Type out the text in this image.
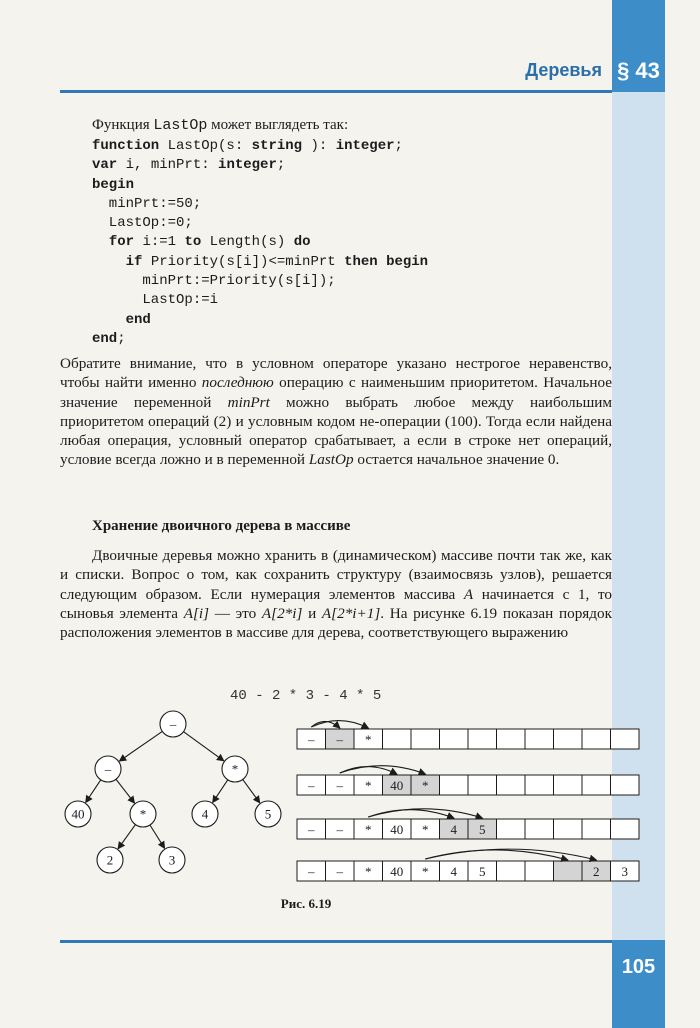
Деревья § 43
Функция LastOp может выглядеть так:
function LastOp(s: string ): integer;
var i, minPrt: integer;
begin
minPrt:=50;
LastOp:=0;
for i:=1 to Length(s) do
if Priority(s[i])<=minPrt then begin
minPrt:=Priority(s[i]);
LastOp:=i
end
end;

Обратите внимание, что в условном операторе указано нестрогое неравенство, чтобы найти именно последнюю операцию с наименьшим приоритетом. Начальное значение переменной minPrt можно выбрать любое между наибольшим приоритетом операций (2) и условным кодом не-операции (100). Тогда если найдена любая операция, условный оператор срабатывает, а если в строке нет операций, условие всегда ложно и в переменной LastOp остается начальное значение 0.

Хранение двоичного дерева в массиве

Двоичные деревья можно хранить в (динамическом) массиве почти так же, как и списки. Вопрос о том, как сохранить структуру (взаимосвязь узлов), решается следующим образом. Если нумерация элементов массива A начинается с 1, то сыновья элемента A[i] — это A[2*i] и A[2*i+1]. На рисунке 6.19 показан порядок расположения элементов в массиве для дерева, соответствующего выражению

40 - 2 * 3 - 4 * 5
–
–	*
40	*	4	5
2	3
– – *
– – * 40 *
– – * 40 * 4 5
– – * 40 * 4 5	2 3
Рис. 6.19
105
